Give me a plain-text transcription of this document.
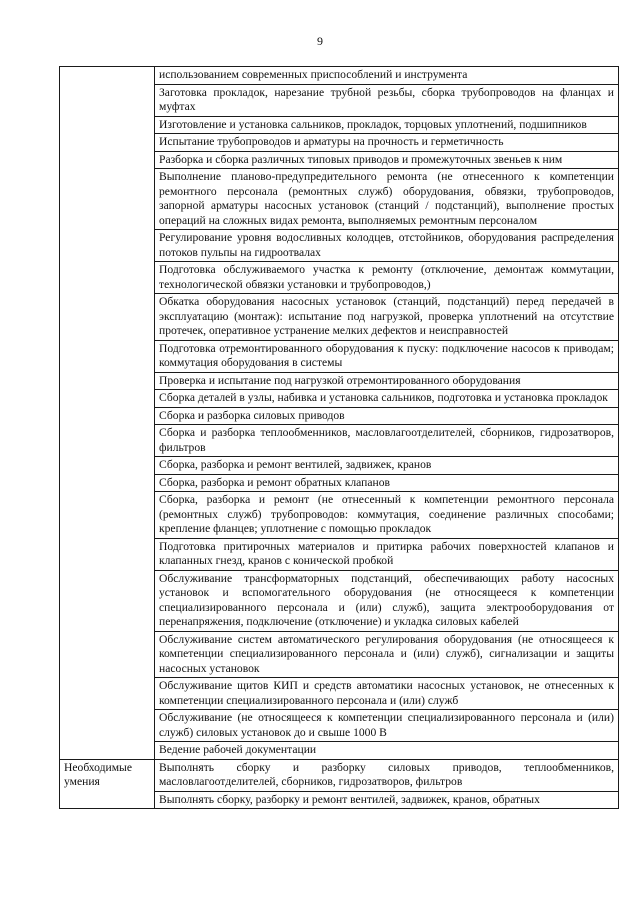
9
	использованием современных приспособлений и инструмента
	Заготовка прокладок, нарезание трубной резьбы, сборка трубопроводов на фланцах и муфтах
	Изготовление и установка сальников, прокладок, торцовых уплотнений, подшипников
	Испытание трубопроводов и арматуры на прочность и герметичность
	Разборка и сборка различных типовых приводов и промежуточных звеньев к ним
	Выполнение планово-предупредительного ремонта (не отнесенного к компетенции ремонтного персонала (ремонтных служб) оборудования, обвязки, трубопроводов, запорной арматуры насосных установок (станций / подстанций), выполнение простых операций на сложных видах ремонта, выполняемых ремонтным персоналом
	Регулирование уровня водосливных колодцев, отстойников, оборудования распределения потоков пульпы на гидроотвалах
	Подготовка обслуживаемого участка к ремонту (отключение, демонтаж коммутации, технологической обвязки установки и трубопроводов,)
	Обкатка оборудования насосных установок (станций, подстанций) перед передачей в эксплуатацию (монтаж): испытание под нагрузкой, проверка уплотнений на отсутствие протечек, оперативное устранение мелких дефектов и неисправностей
	Подготовка отремонтированного оборудования к пуску: подключение насосов к приводам; коммутация оборудования в системы
	Проверка и испытание под нагрузкой отремонтированного оборудования
	Сборка деталей в узлы, набивка и установка сальников, подготовка и установка прокладок
	Сборка и разборка силовых приводов
	Сборка и разборка теплообменников, масловлагоотделителей, сборников, гидрозатворов, фильтров
	Сборка, разборка и ремонт вентилей, задвижек, кранов
	Сборка, разборка и ремонт обратных клапанов
	Сборка, разборка и ремонт (не отнесенный к компетенции ремонтного персонала (ремонтных служб) трубопроводов: коммутация, соединение различных способами; крепление фланцев; уплотнение с помощью прокладок
	Подготовка притирочных материалов и притирка рабочих поверхностей клапанов и клапанных гнезд, кранов с конической пробкой
	Обслуживание трансформаторных подстанций, обеспечивающих работу насосных установок и вспомогательного оборудования (не относящееся к компетенции специализированного персонала и (или) служб), защита электрооборудования от перенапряжения, подключение (отключение) и укладка силовых кабелей
	Обслуживание систем автоматического регулирования оборудования (не относящееся к компетенции специализированного персонала и (или) служб), сигнализации и защиты насосных установок
	Обслуживание щитов КИП и средств автоматики насосных установок, не отнесенных к компетенции специализированного персонала и (или) служб
	Обслуживание (не относящееся к компетенции специализированного персонала и (или) служб) силовых установок до и свыше 1000 В
	Ведение рабочей документации
Необходимые умения	Выполнять сборку и разборку силовых приводов, теплообменников, масловлагоотделителей, сборников, гидрозатворов, фильтров
	Выполнять сборку, разборку и ремонт вентилей, задвижек, кранов, обратных
